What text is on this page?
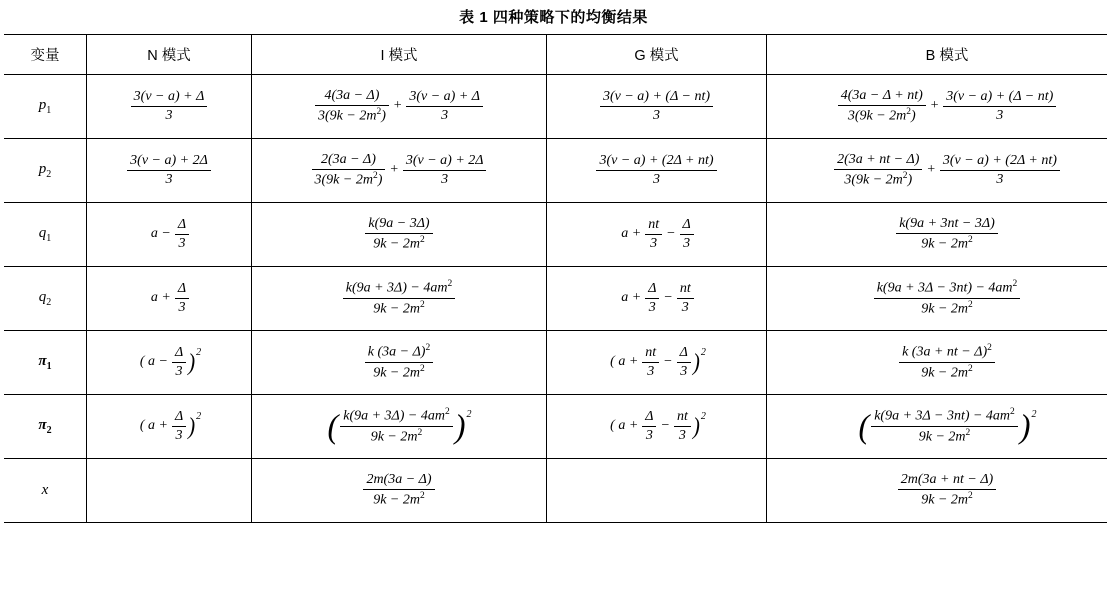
表 1 四种策略下的均衡结果
变量	N 模式	I 模式	G 模式	B 模式
$p_1$	$\frac{3(v - a) + \Delta}{3}$	$\frac{4(3a - \Delta)}{3(9k - 2m^2)} + \frac{3(v - a) + \Delta}{3}$	$\frac{3(v - a) + (\Delta - nt)}{3}$	$\frac{4(3a - \Delta + nt)}{3(9k - 2m^2)} + \frac{3(v - a) + (\Delta - nt)}{3}$

$p_2$	$\frac{3(v - a) + 2\Delta}{3}$	$\frac{2(3a - \Delta)}{3(9k - 2m^2)} + \frac{3(v - a) + 2\Delta}{3}$	$\frac{3(v - a) + (2\Delta + nt)}{3}$	$\frac{2(3a + nt - \Delta)}{3(9k - 2m^2)} + \frac{3(v - a) + (2\Delta + nt)}{3}$

$q_1$	$a - \frac{\Delta}{3}$	$\frac{k(9a - 3\Delta)}{9k - 2m^2}$	$a + \frac{nt}{3} - \frac{\Delta}{3}$	$\frac{k(9a + 3nt - 3\Delta)}{9k - 2m^2}$

$q_2$	$a + \frac{\Delta}{3}$	$\frac{k(9a + 3\Delta) - 4am^2}{9k - 2m^2}$	$a + \frac{\Delta}{3} - \frac{nt}{3}$	$\frac{k(9a + 3\Delta - 3nt) - 4am^2}{9k - 2m^2}$

$\pi_1$	( $a - \frac{\Delta}{3} )2$	$\frac{k (3a - \Delta)^2}{9k - 2m^2}$	( $a + \frac{nt}{3} - \frac{\Delta}{3} )2$	$\frac{k (3a + nt - \Delta)^2}{9k - 2m^2}$

$\pi_2$	( $a + \frac{\Delta}{3} )2$	( $\frac{k(9a + 3\Delta) - 4am^2}{9k - 2m^2} )2$	( $a + \frac{\Delta}{3} - \frac{nt}{3} )2$	( $\frac{k(9a + 3\Delta - 3nt) - 4am^2}{9k - 2m^2} )2$
x		$\frac{2m(3a - \Delta)}{9k - 2m^2}$		$\frac{2m(3a + nt - \Delta)}{9k - 2m^2}$
